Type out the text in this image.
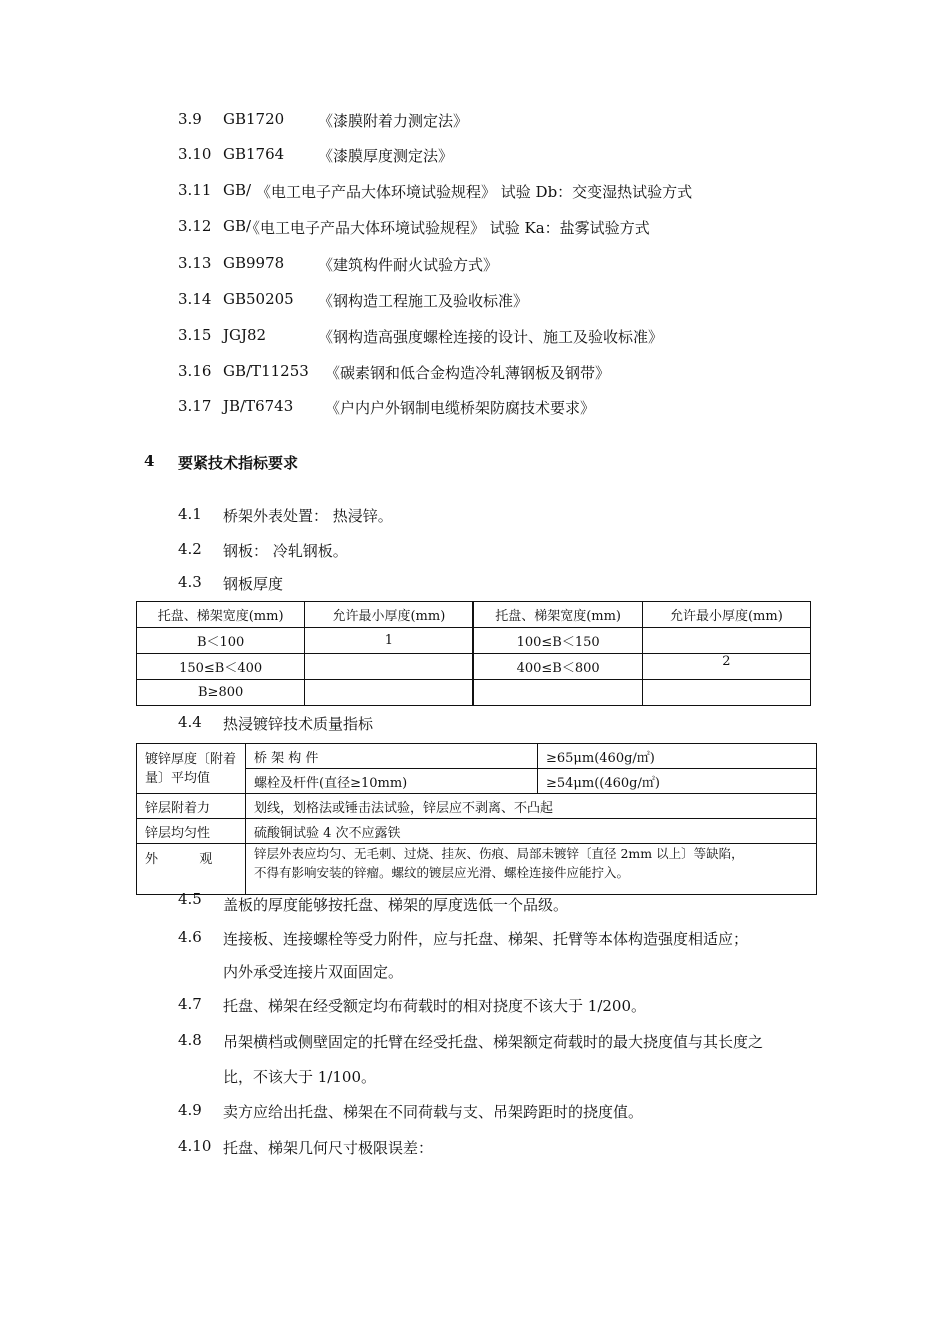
3.9 GB1720 《漆膜附着力测定法》
3.10 GB1764 《漆膜厚度测定法》
3.11 GB/ 《电工电子产品大体环境试验规程》 试验 Db：交变湿热试验方式
3.12 GB/
《电工电子产品大体环境试验规程》 试验 Ka：盐雾试验方式
3.13 GB9978 《建筑构件耐火试验方式》
3.14 GB50205 《钢构造工程施工及验收标准》
3.15 JGJ82	《钢构造高强度螺栓连接的设计、施工及验收标准》
3.16 GB/T11253 《碳素钢和低合金构造冷轧薄钢板及钢带》
3.17 JB/T6743 《户内户外钢制电缆桥架防腐技术要求》
4 要紧技术指标要求
4.1 桥架外表处置： 热浸锌。
4.2 钢板： 冷轧钢板。
4.3 钢板厚度
托盘、梯架宽度(mm)	允许最小厚度(mm)	托盘、梯架宽度(mm)	允许最小厚度(mm)
B＜100	1	100≤B＜150	
150≤B＜400		400≤B＜800	2
B≥800			
4.4 热浸镀锌技术质量指标
镀锌厚度〔附着量〕平均值	桥 架 构 件	≥65μm(460g/㎡)
	螺栓及杆件(直径≥10mm)	≥54μm((460g/㎡)
锌层附着力	划线，划格法或锤击法试验，锌层应不剥离、不凸起	
锌层均匀性	硫酸铜试验 4 次不应露铁	
外          观	锌层外表应均匀、无毛刺、过烧、挂灰、伤痕、局部未镀锌〔直径 2mm 以上〕等缺陷，
不得有影响安装的锌瘤。螺纹的镀层应光滑、螺栓连接件应能拧入。	
4.5 盖板的厚度能够按托盘、梯架的厚度选低一个品级。
4.6 连接板、连接螺栓等受力附件，应与托盘、梯架、托臂等本体构造强度相适应；
内外承受连接片双面固定。
4.7 托盘、梯架在经受额定均布荷载时的相对挠度不该大于 1/200。
4.8 吊架横档或侧壁固定的托臂在经受托盘、梯架额定荷载时的最大挠度值与其长度之
比，不该大于 1/100。
4.9 卖方应给出托盘、梯架在不同荷载与支、吊架跨距时的挠度值。
4.10 托盘、梯架几何尺寸极限误差：
